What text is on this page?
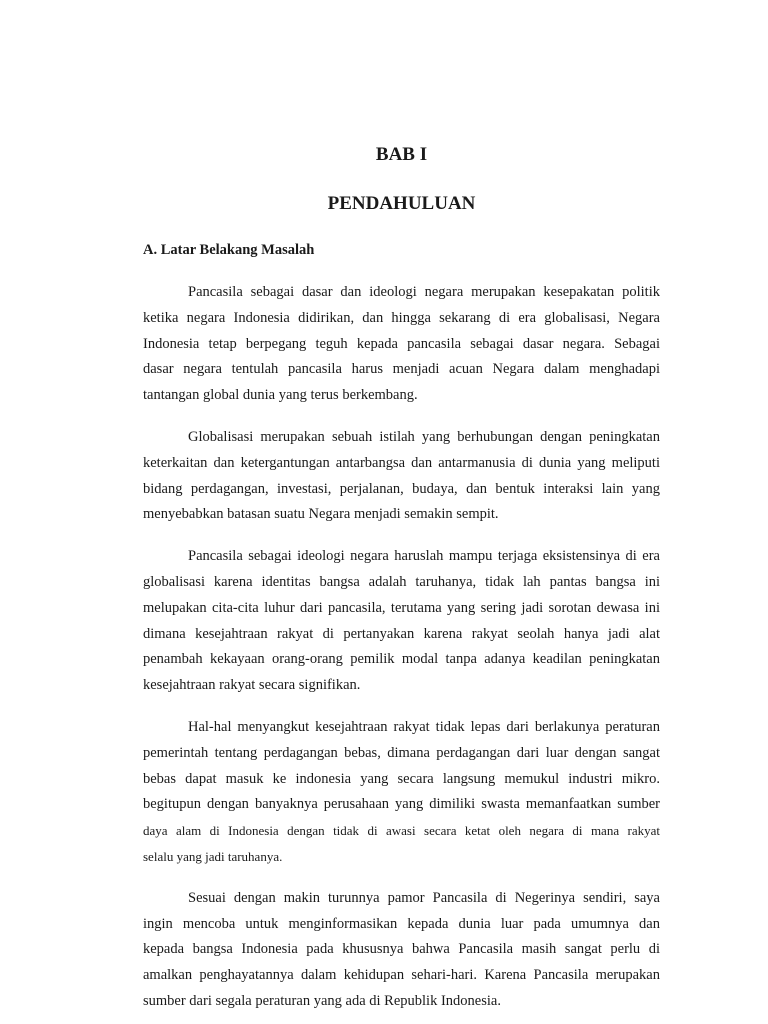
BAB I
PENDAHULUAN
A. Latar Belakang Masalah
Pancasila sebagai dasar dan ideologi negara merupakan kesepakatan politik
ketika negara Indonesia didirikan, dan hingga sekarang di era globalisasi, Negara
Indonesia tetap berpegang teguh kepada pancasila sebagai dasar negara. Sebagai
dasar negara tentulah pancasila harus menjadi acuan Negara dalam menghadapi
tantangan global dunia yang terus berkembang.
Globalisasi merupakan sebuah istilah yang berhubungan dengan peningkatan
keterkaitan dan ketergantungan antarbangsa dan antarmanusia di dunia yang meliputi
bidang perdagangan, investasi, perjalanan, budaya, dan bentuk interaksi lain yang
menyebabkan batasan suatu Negara menjadi semakin sempit.
Pancasila sebagai ideologi negara haruslah mampu terjaga eksistensinya di era
globalisasi karena identitas bangsa adalah taruhanya, tidak lah pantas bangsa ini
melupakan cita-cita luhur dari pancasila, terutama yang sering jadi sorotan dewasa ini
dimana kesejahtraan rakyat di pertanyakan karena rakyat seolah hanya jadi alat
penambah kekayaan orang-orang pemilik modal tanpa adanya keadilan peningkatan
kesejahtraan rakyat secara signifikan.
Hal-hal menyangkut kesejahtraan rakyat tidak lepas dari berlakunya peraturan
pemerintah tentang perdagangan bebas, dimana perdagangan dari luar dengan sangat
bebas dapat masuk ke indonesia yang secara langsung memukul industri mikro.
begitupun dengan banyaknya perusahaan yang dimiliki swasta memanfaatkan sumber
daya alam di Indonesia dengan tidak di awasi secara ketat oleh negara di mana rakyat
selalu yang jadi taruhanya.
Sesuai dengan makin turunnya pamor Pancasila di Negerinya sendiri, saya
ingin mencoba untuk menginformasikan kepada dunia luar pada umumnya dan
kepada bangsa Indonesia pada khususnya bahwa Pancasila masih sangat perlu di
amalkan penghayatannya dalam kehidupan sehari-hari. Karena Pancasila merupakan
sumber dari segala peraturan yang ada di Republik Indonesia.
